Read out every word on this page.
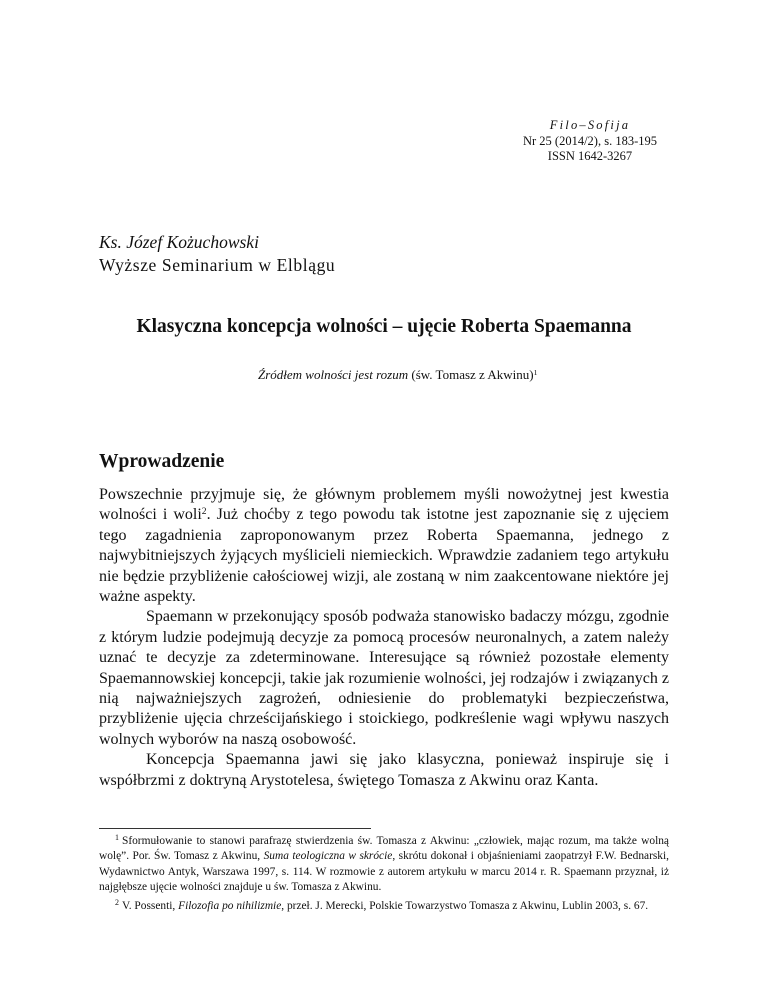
Filo–Sofija
Nr 25 (2014/2), s. 183-195
ISSN 1642-3267
Ks. Józef Kożuchowski
Wyższe Seminarium w Elblągu
Klasyczna koncepcja wolności – ujęcie Roberta Spaemanna
Źródłem wolności jest rozum (św. Tomasz z Akwinu)$^1$
Wprowadzenie

Powszechnie przyjmuje się, że głównym problemem myśli nowożytnej jest kwestia wolności i woli$^2$. Już choćby z tego powodu tak istotne jest zapoznanie się z ujęciem tego zagadnienia zaproponowanym przez Roberta Spaemanna, jednego z najwybitniejszych żyjących myślicieli niemieckich. Wprawdzie zadaniem tego artykułu nie będzie przybliżenie całościowej wizji, ale zostaną w nim zaakcentowane niektóre jej ważne aspekty.

Spaemann w przekonujący sposób podważa stanowisko badaczy mózgu, zgodnie z którym ludzie podejmują decyzje za pomocą procesów neuronalnych, a zatem należy uznać te decyzje za zdeterminowane. Interesujące są również pozostałe elementy Spaemannowskiej koncepcji, takie jak rozumienie wolności, jej rodzajów i związanych z nią najważniejszych zagrożeń, odniesienie do problematyki bezpieczeństwa, przybliżenie ujęcia chrześcijańskiego i stoickiego, podkreślenie wagi wpływu naszych wolnych wyborów na naszą osobowość.

Koncepcja Spaemanna jawi się jako klasyczna, ponieważ inspiruje się i współbrzmi z doktryną Arystotelesa, świętego Tomasza z Akwinu oraz Kanta.

$^1$ Sformułowanie to stanowi parafrazę stwierdzenia św. Tomasza z Akwinu: „człowiek, mając rozum, ma także wolną wolę”. Por. Św. Tomasz z Akwinu, Suma teologiczna w skrócie, skrótu dokonał i objaśnieniami zaopatrzył F.W. Bednarski, Wydawnictwo Antyk, Warszawa 1997, s. 114. W rozmowie z autorem artykułu w marcu 2014 r. R. Spaemann przyznał, iż najgłębsze ujęcie wolności znajduje u św. Tomasza z Akwinu.

$^2$ V. Possenti, Filozofia po nihilizmie, przeł. J. Merecki, Polskie Towarzystwo Tomasza z Akwinu, Lublin 2003, s. 67.
